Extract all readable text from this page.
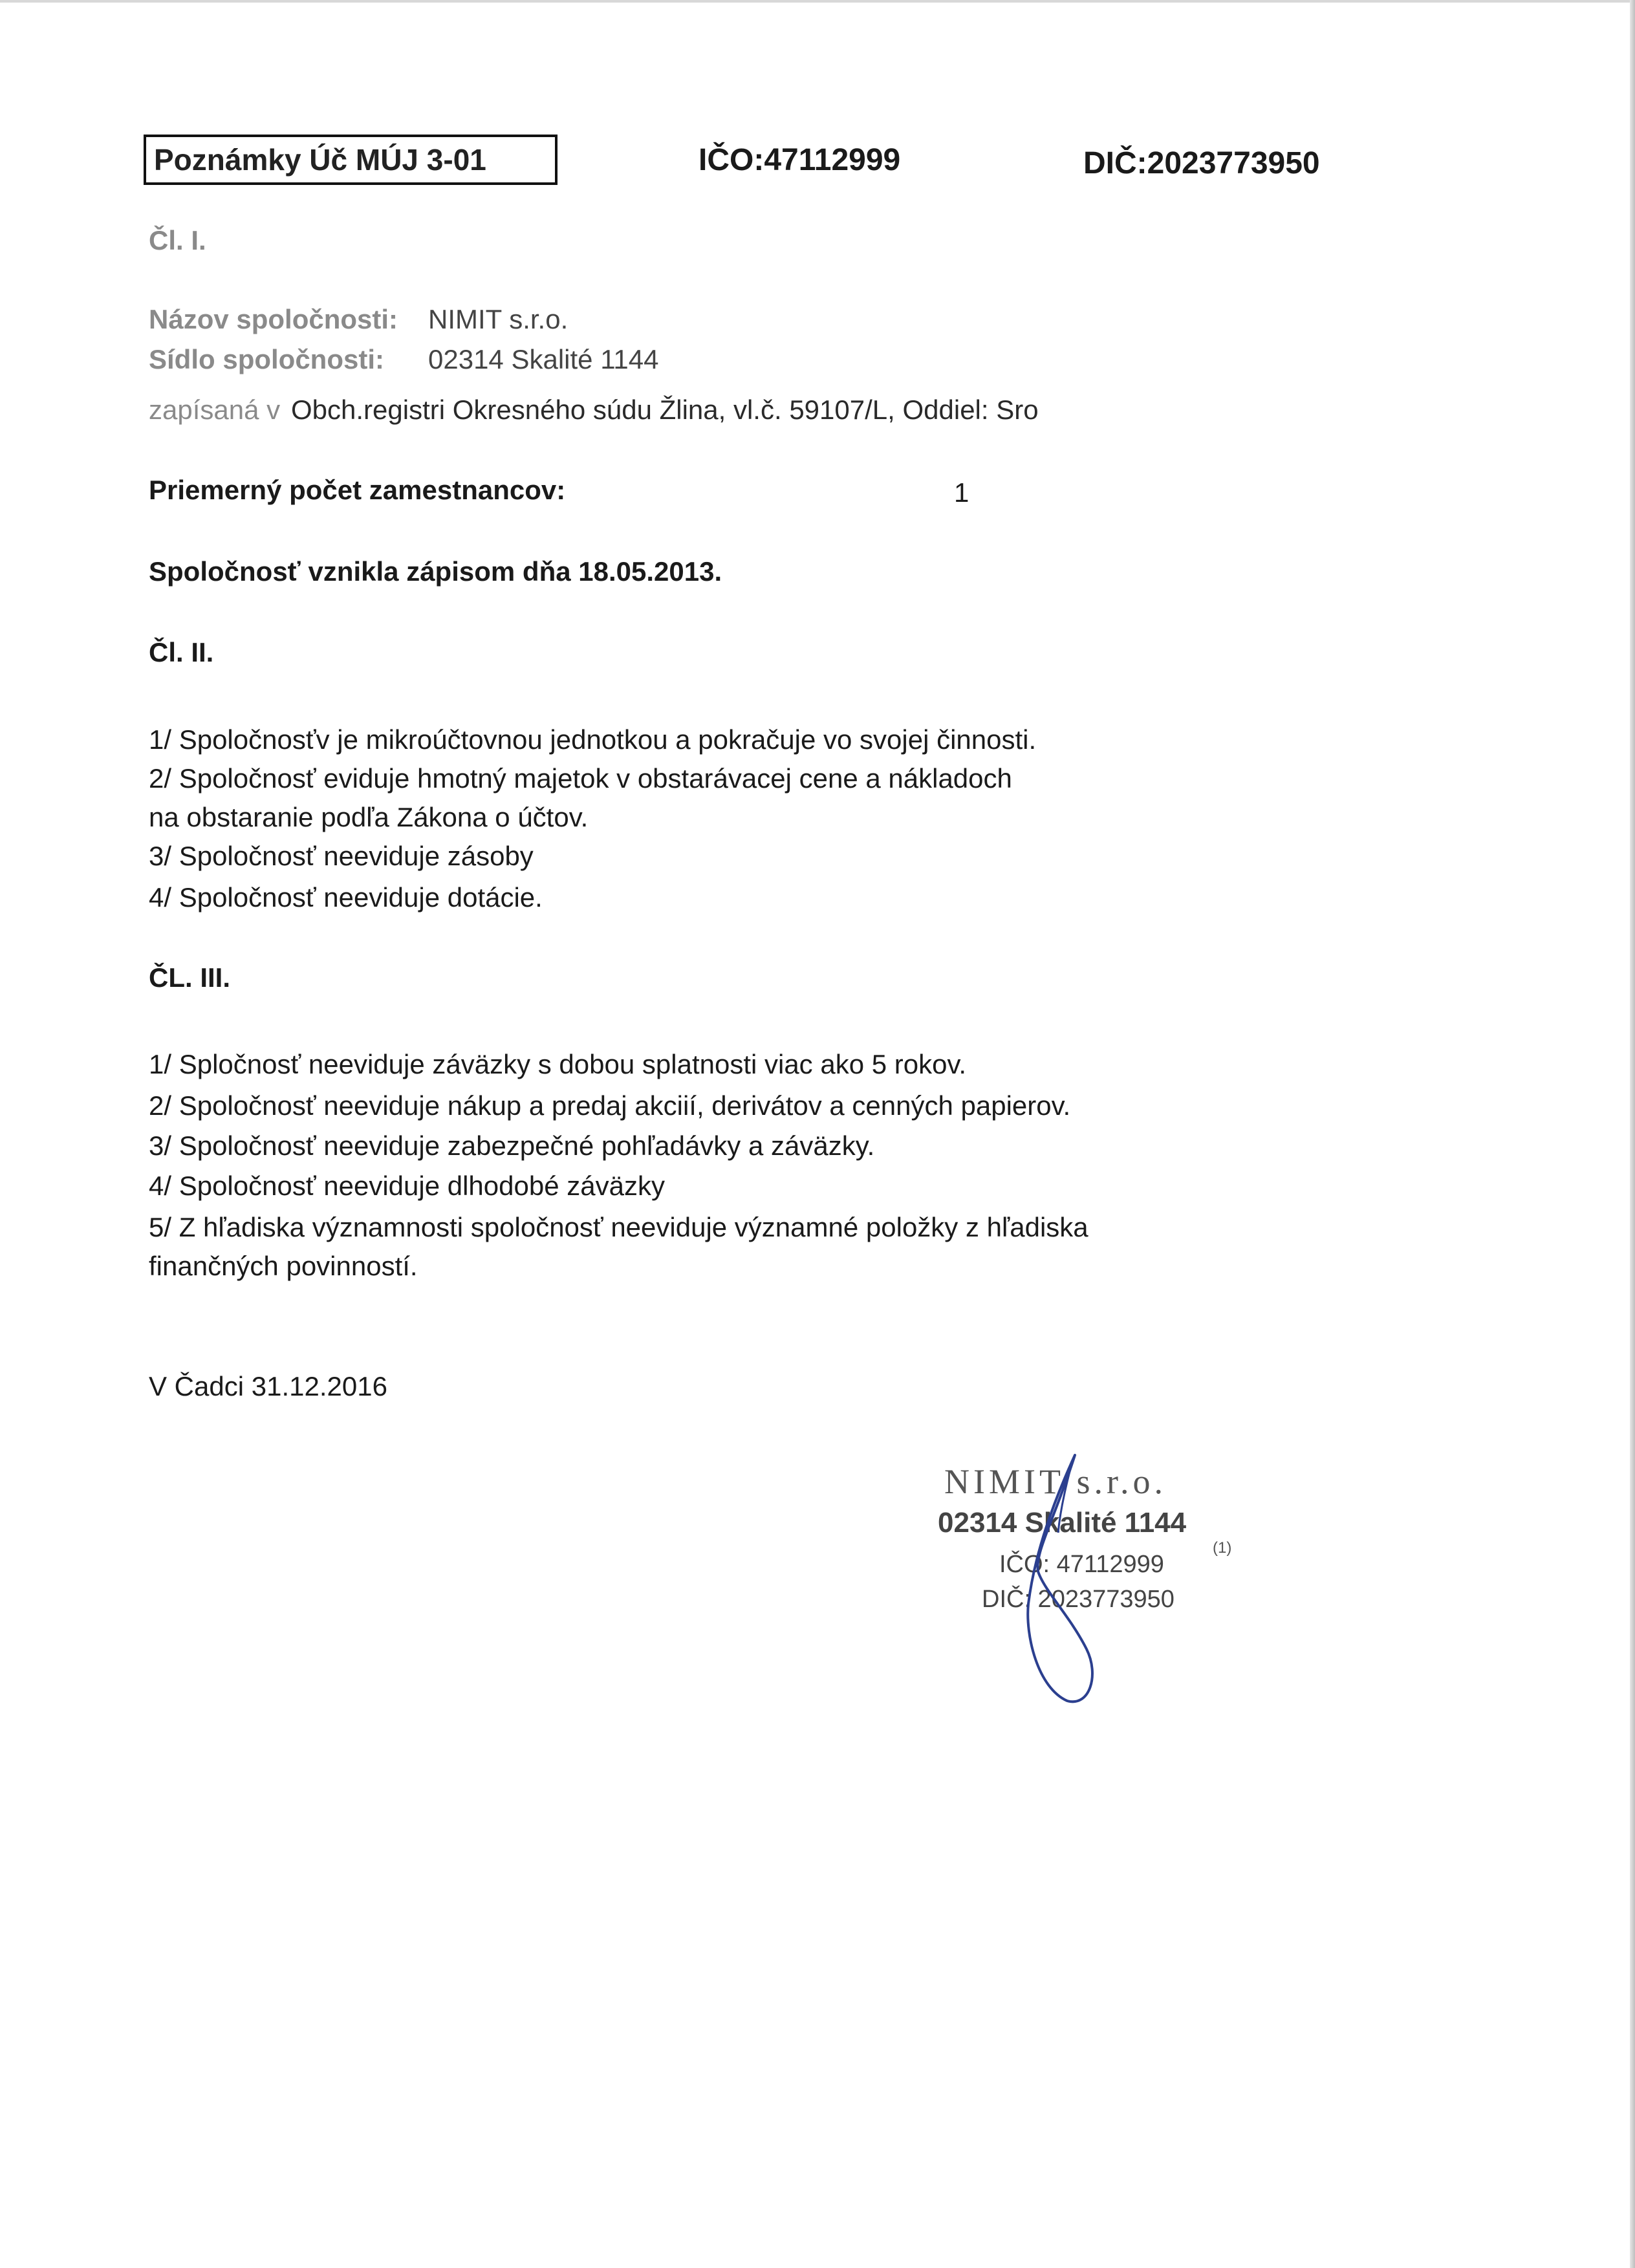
Poznámky Úč MÚJ 3-01	IČO:47112999	DIČ:2023773950
Čl. I.
Názov spoločnosti: NIMIT s.r.o.
Sídlo spoločnosti: 02314 Skalité 1144
zapísaná v Obch.registri Okresného súdu Žlina, vl.č. 59107/L, Oddiel: Sro
Priemerný počet zamestnancov:	1
Spoločnosť vznikla zápisom dňa 18.05.2013.
Čl. II.
1/ Spoločnosťv je mikroúčtovnou jednotkou a pokračuje vo svojej činnosti.
2/ Spoločnosť eviduje hmotný majetok v obstarávacej cene a nákladoch
na obstaranie podľa Zákona o účtov.
3/ Spoločnosť neeviduje zásoby
4/ Spoločnosť neeviduje dotácie.
ČL. III.
1/ Spločnosť neeviduje záväzky s dobou splatnosti viac ako 5 rokov.
2/ Spoločnosť neeviduje nákup a predaj akciií, derivátov a cenných papierov.
3/ Spoločnosť neeviduje zabezpečné pohľadávky a záväzky.
4/ Spoločnosť neeviduje dlhodobé záväzky
5/ Z hľadiska významnosti spoločnosť neeviduje významné položky z hľadiska
finančných povinností.
V Čadci 31.12.2016
NIMIT s.r.o.
02314 Skalité 1144
IČO: 47112999
DIČ: 2023773950
(1)
